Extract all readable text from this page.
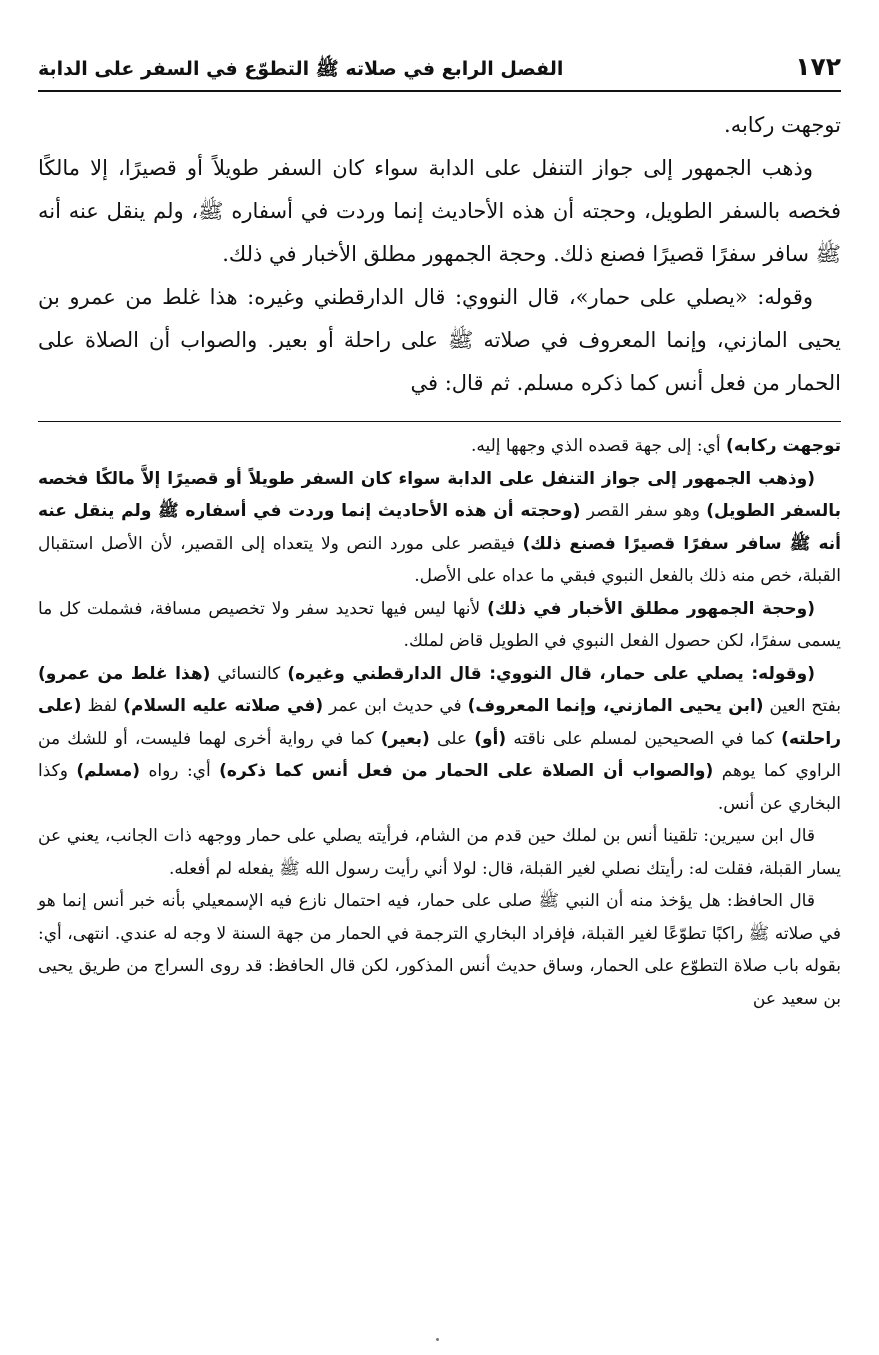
١٧٢
الفصل الرابع في صلاته ﷺ التطوّع في السفر على الدابة

توجهت ركابه.

وذهب الجمهور إلى جواز التنفل على الدابة سواء كان السفر طويلاً أو قصيرًا، إلا مالكًا فخصه بالسفر الطويل، وحجته أن هذه الأحاديث إنما وردت في أسفاره ﷺ، ولم ينقل عنه أنه ﷺ سافر سفرًا قصيرًا فصنع ذلك. وحجة الجمهور مطلق الأخبار في ذلك.

وقوله: «يصلي على حمار»، قال النووي: قال الدارقطني وغيره: هذا غلط من عمرو بن يحيى المازني، وإنما المعروف في صلاته ﷺ على راحلة أو بعير. والصواب أن الصلاة على الحمار من فعل أنس كما ذكره مسلم. ثم قال: في

توجهت ركابه) أي: إلى جهة قصده الذي وجهها إليه.

(وذهب الجمهور إلى جواز التنفل على الدابة سواء كان السفر طويلاً أو قصيرًا إلاَّ مالكًا فخصه بالسفر الطويل) وهو سفر القصر (وحجته أن هذه الأحاديث إنما وردت في أسفاره ﷺ ولم ينقل عنه أنه ﷺ سافر سفرًا قصيرًا فصنع ذلك) فيقصر على مورد النص ولا يتعداه إلى القصير، لأن الأصل استقبال القبلة، خص منه ذلك بالفعل النبوي فبقي ما عداه على الأصل.

(وحجة الجمهور مطلق الأخبار في ذلك) لأنها ليس فيها تحديد سفر ولا تخصيص مسافة، فشملت كل ما يسمى سفرًا، لكن حصول الفعل النبوي في الطويل قاض لملك.

(وقوله: يصلي على حمار، قال النووي: قال الدارقطني وغيره) كالنسائي (هذا غلط من عمرو) بفتح العين (ابن يحيى المازني، وإنما المعروف) في حديث ابن عمر (في صلاته عليه السلام) لفظ (على راحلته) كما في الصحيحين لمسلم على ناقته (أو) على (بعير) كما في رواية أخرى لهما فليست، أو للشك من الراوي كما يوهم (والصواب أن الصلاة على الحمار من فعل أنس كما ذكره) أي: رواه (مسلم) وكذا البخاري عن أنس.

قال ابن سيرين: تلقينا أنس بن لملك حين قدم من الشام، فرأيته يصلي على حمار ووجهه ذات الجانب، يعني عن يسار القبلة، فقلت له: رأيتك نصلي لغير القبلة، قال: لولا أني رأيت رسول الله ﷺ يفعله لم أفعله.

قال الحافظ: هل يؤخذ منه أن النبي ﷺ صلى على حمار، فيه احتمال نازع فيه الإسمعيلي بأنه خبر أنس إنما هو في صلاته ﷺ راكبًا تطوّعًا لغير القبلة، فإفراد البخاري الترجمة في الحمار من جهة السنة لا وجه له عندي. انتهى، أي: بقوله باب صلاة التطوّع على الحمار، وساق حديث أنس المذكور، لكن قال الحافظ: قد روى السراج من طريق يحيى بن سعيد عن
